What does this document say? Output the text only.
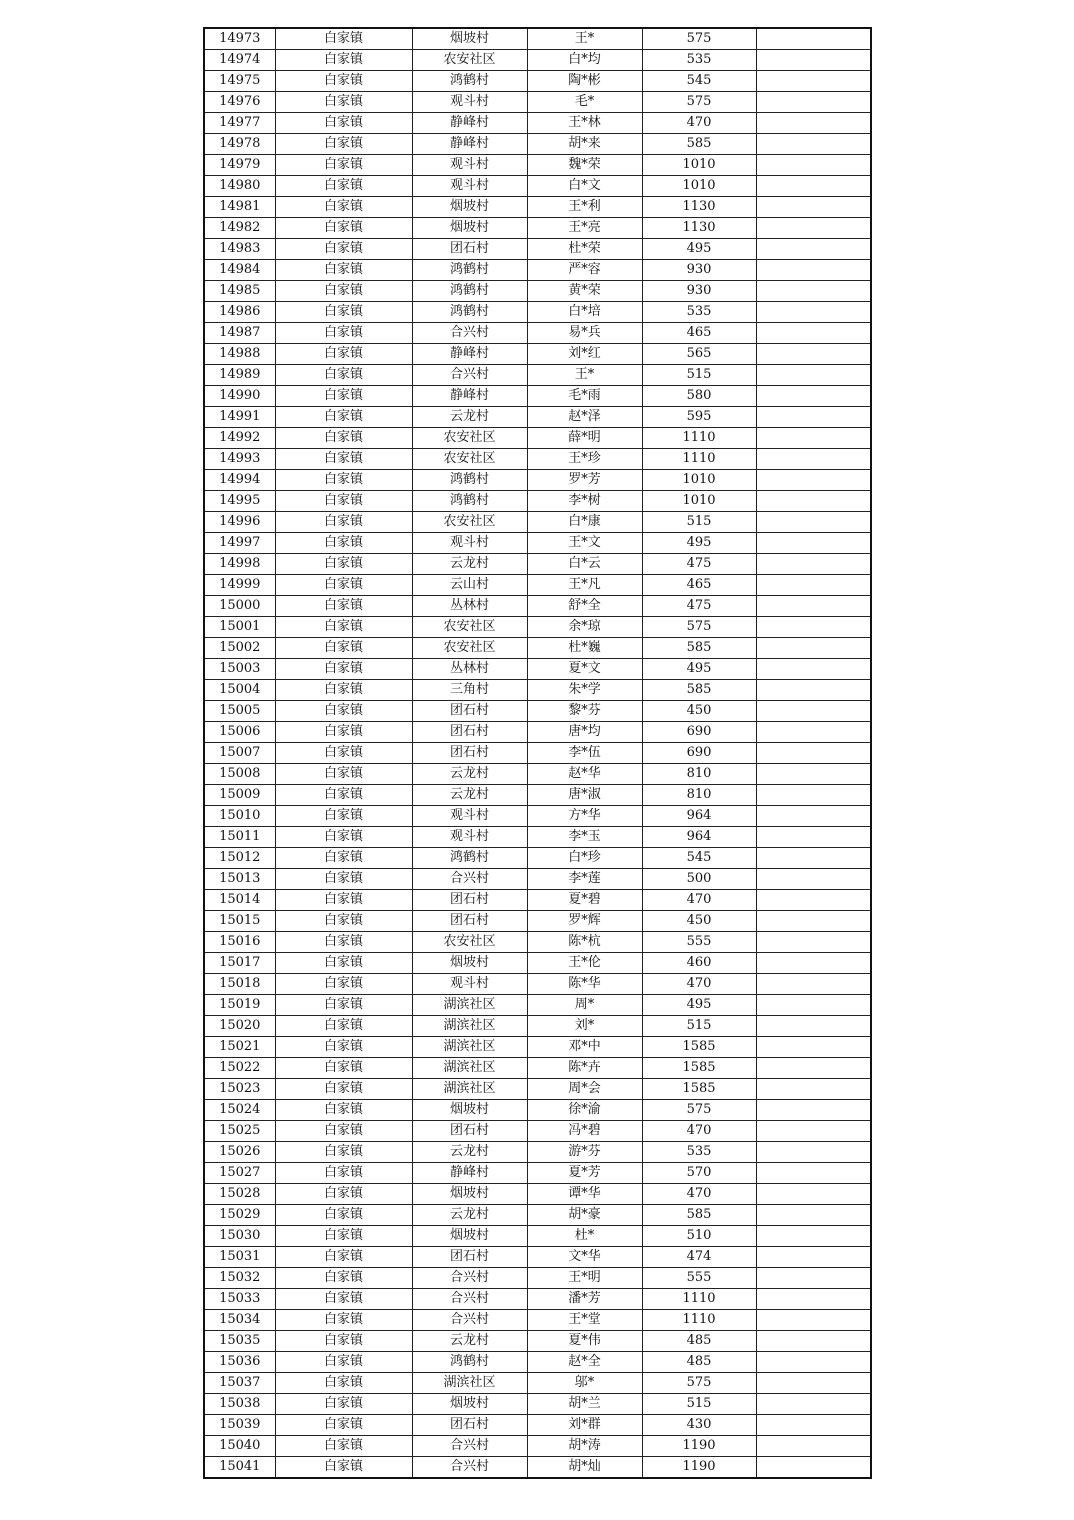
14973	白家镇	烟坡村	王*	575	
14974	白家镇	农安社区	白*均	535	
14975	白家镇	鸿鹤村	陶*彬	545	
14976	白家镇	观斗村	毛*	575	
14977	白家镇	静峰村	王*林	470	
14978	白家镇	静峰村	胡*来	585	
14979	白家镇	观斗村	魏*荣	1010	
14980	白家镇	观斗村	白*文	1010	
14981	白家镇	烟坡村	王*利	1130	
14982	白家镇	烟坡村	王*亮	1130	
14983	白家镇	团石村	杜*荣	495	
14984	白家镇	鸿鹤村	严*容	930	
14985	白家镇	鸿鹤村	黄*荣	930	
14986	白家镇	鸿鹤村	白*培	535	
14987	白家镇	合兴村	易*兵	465	
14988	白家镇	静峰村	刘*红	565	
14989	白家镇	合兴村	王*	515	
14990	白家镇	静峰村	毛*雨	580	
14991	白家镇	云龙村	赵*泽	595	
14992	白家镇	农安社区	薛*明	1110	
14993	白家镇	农安社区	王*珍	1110	
14994	白家镇	鸿鹤村	罗*芳	1010	
14995	白家镇	鸿鹤村	李*树	1010	
14996	白家镇	农安社区	白*康	515	
14997	白家镇	观斗村	王*文	495	
14998	白家镇	云龙村	白*云	475	
14999	白家镇	云山村	王*凡	465	
15000	白家镇	丛林村	舒*全	475	
15001	白家镇	农安社区	余*琼	575	
15002	白家镇	农安社区	杜*巍	585	
15003	白家镇	丛林村	夏*文	495	
15004	白家镇	三角村	朱*学	585	
15005	白家镇	团石村	黎*芬	450	
15006	白家镇	团石村	唐*均	690	
15007	白家镇	团石村	李*伍	690	
15008	白家镇	云龙村	赵*华	810	
15009	白家镇	云龙村	唐*淑	810	
15010	白家镇	观斗村	方*华	964	
15011	白家镇	观斗村	李*玉	964	
15012	白家镇	鸿鹤村	白*珍	545	
15013	白家镇	合兴村	李*莲	500	
15014	白家镇	团石村	夏*碧	470	
15015	白家镇	团石村	罗*辉	450	
15016	白家镇	农安社区	陈*杭	555	
15017	白家镇	烟坡村	王*伦	460	
15018	白家镇	观斗村	陈*华	470	
15019	白家镇	湖滨社区	周*	495	
15020	白家镇	湖滨社区	刘*	515	
15021	白家镇	湖滨社区	邓*中	1585	
15022	白家镇	湖滨社区	陈*卉	1585	
15023	白家镇	湖滨社区	周*会	1585	
15024	白家镇	烟坡村	徐*渝	575	
15025	白家镇	团石村	冯*碧	470	
15026	白家镇	云龙村	游*芬	535	
15027	白家镇	静峰村	夏*芳	570	
15028	白家镇	烟坡村	谭*华	470	
15029	白家镇	云龙村	胡*豪	585	
15030	白家镇	烟坡村	杜*	510	
15031	白家镇	团石村	文*华	474	
15032	白家镇	合兴村	王*明	555	
15033	白家镇	合兴村	潘*芳	1110	
15034	白家镇	合兴村	王*堂	1110	
15035	白家镇	云龙村	夏*伟	485	
15036	白家镇	鸿鹤村	赵*全	485	
15037	白家镇	湖滨社区	邬*	575	
15038	白家镇	烟坡村	胡*兰	515	
15039	白家镇	团石村	刘*群	430	
15040	白家镇	合兴村	胡*涛	1190	
15041	白家镇	合兴村	胡*灿	1190	
